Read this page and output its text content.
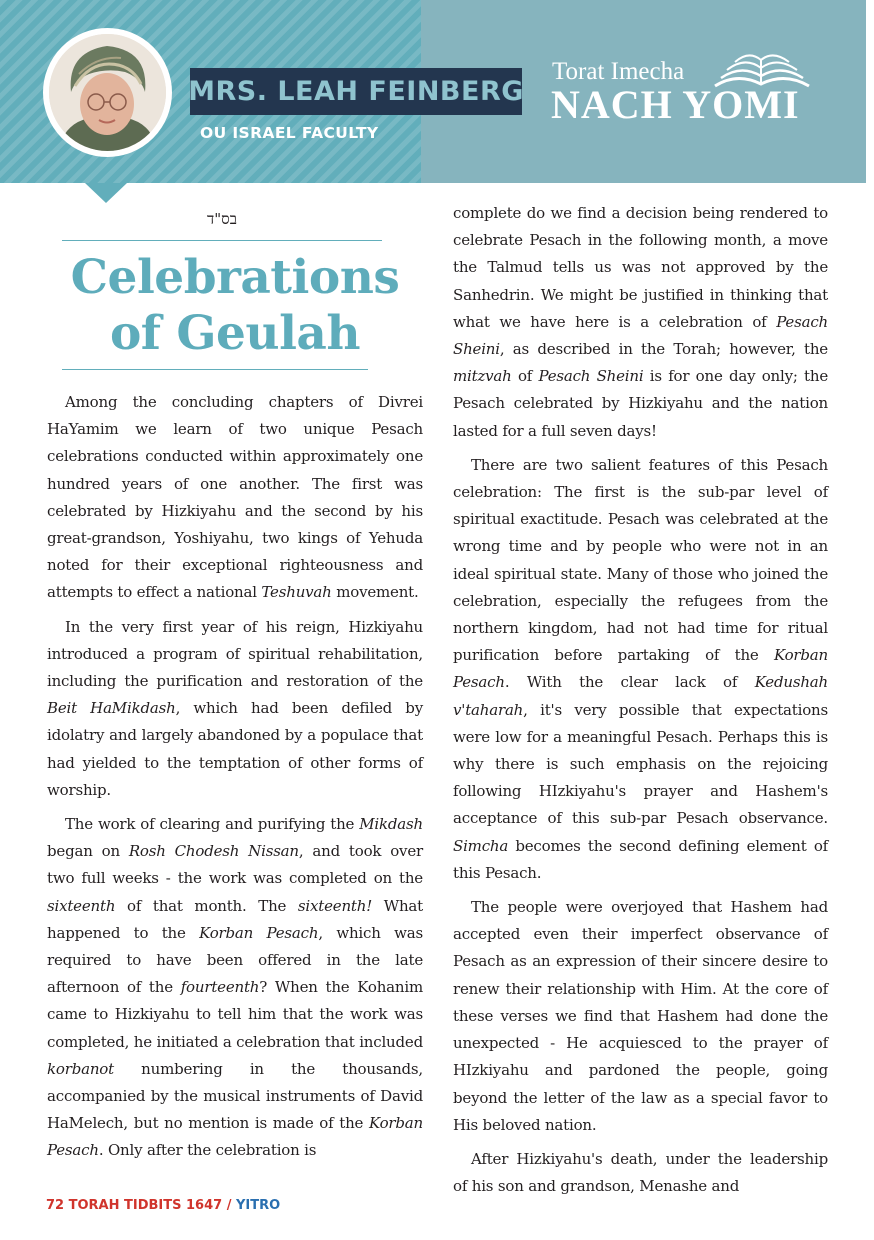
MRS. LEAH FEINBERG
OU ISRAEL FACULTY
Torat Imecha
NACH YOMI
בס"ד
Celebrations
of Geulah

Among the concluding chapters of Divrei HaYamim we learn of two unique Pesach celebrations conducted within approximately one hundred years of one another. The first was celebrated by Hizkiyahu and the second by his great-grandson, Yoshiyahu, two kings of Yehuda noted for their exceptional righteousness and attempts to effect a national Teshuvah movement.

In the very first year of his reign, Hizkiyahu introduced a program of spiritual rehabilitation, including the purification and restoration of the Beit HaMikdash, which had been defiled by idolatry and largely abandoned by a populace that had yielded to the temptation of other forms of worship.

The work of clearing and purifying the Mikdash began on Rosh Chodesh Nissan, and took over two full weeks - the work was completed on the sixteenth of that month. The sixteenth! What happened to the Korban Pesach, which was required to have been offered in the late afternoon of the fourteenth? When the Kohanim came to Hizkiyahu to tell him that the work was completed, he initiated a celebration that included korbanot numbering in the thousands, accompanied by the musical instruments of David HaMelech, but no mention is made of the Korban Pesach. Only after the celebration is

complete do we find a decision being rendered to celebrate Pesach in the following month, a move the Talmud tells us was not approved by the Sanhedrin. We might be justified in thinking that what we have here is a celebration of Pesach Sheini, as described in the Torah; however, the mitzvah of Pesach Sheini is for one day only; the Pesach celebrated by Hizkiyahu and the nation lasted for a full seven days!

There are two salient features of this Pesach celebration: The first is the sub-par level of spiritual exactitude. Pesach was celebrated at the wrong time and by people who were not in an ideal spiritual state. Many of those who joined the celebration, especially the refugees from the northern kingdom, had not had time for ritual purification before partaking of the Korban Pesach. With the clear lack of Kedushah v'taharah, it's very possible that expectations were low for a meaningful Pesach. Perhaps this is why there is such emphasis on the rejoicing following HIzkiyahu's prayer and Hashem's acceptance of this sub-par Pesach observance. Simcha becomes the second defining element of this Pesach.

The people were overjoyed that Hashem had accepted even their imperfect observance of Pesach as an expression of their sincere desire to renew their relationship with Him. At the core of these verses we find that Hashem had done the unexpected - He acquiesced to the prayer of HIzkiyahu and pardoned the people, going beyond the letter of the law as a special favor to His beloved nation.

After Hizkiyahu's death, under the leadership of his son and grandson, Menashe and

72 TORAH TIDBITS 1647 / YITRO
